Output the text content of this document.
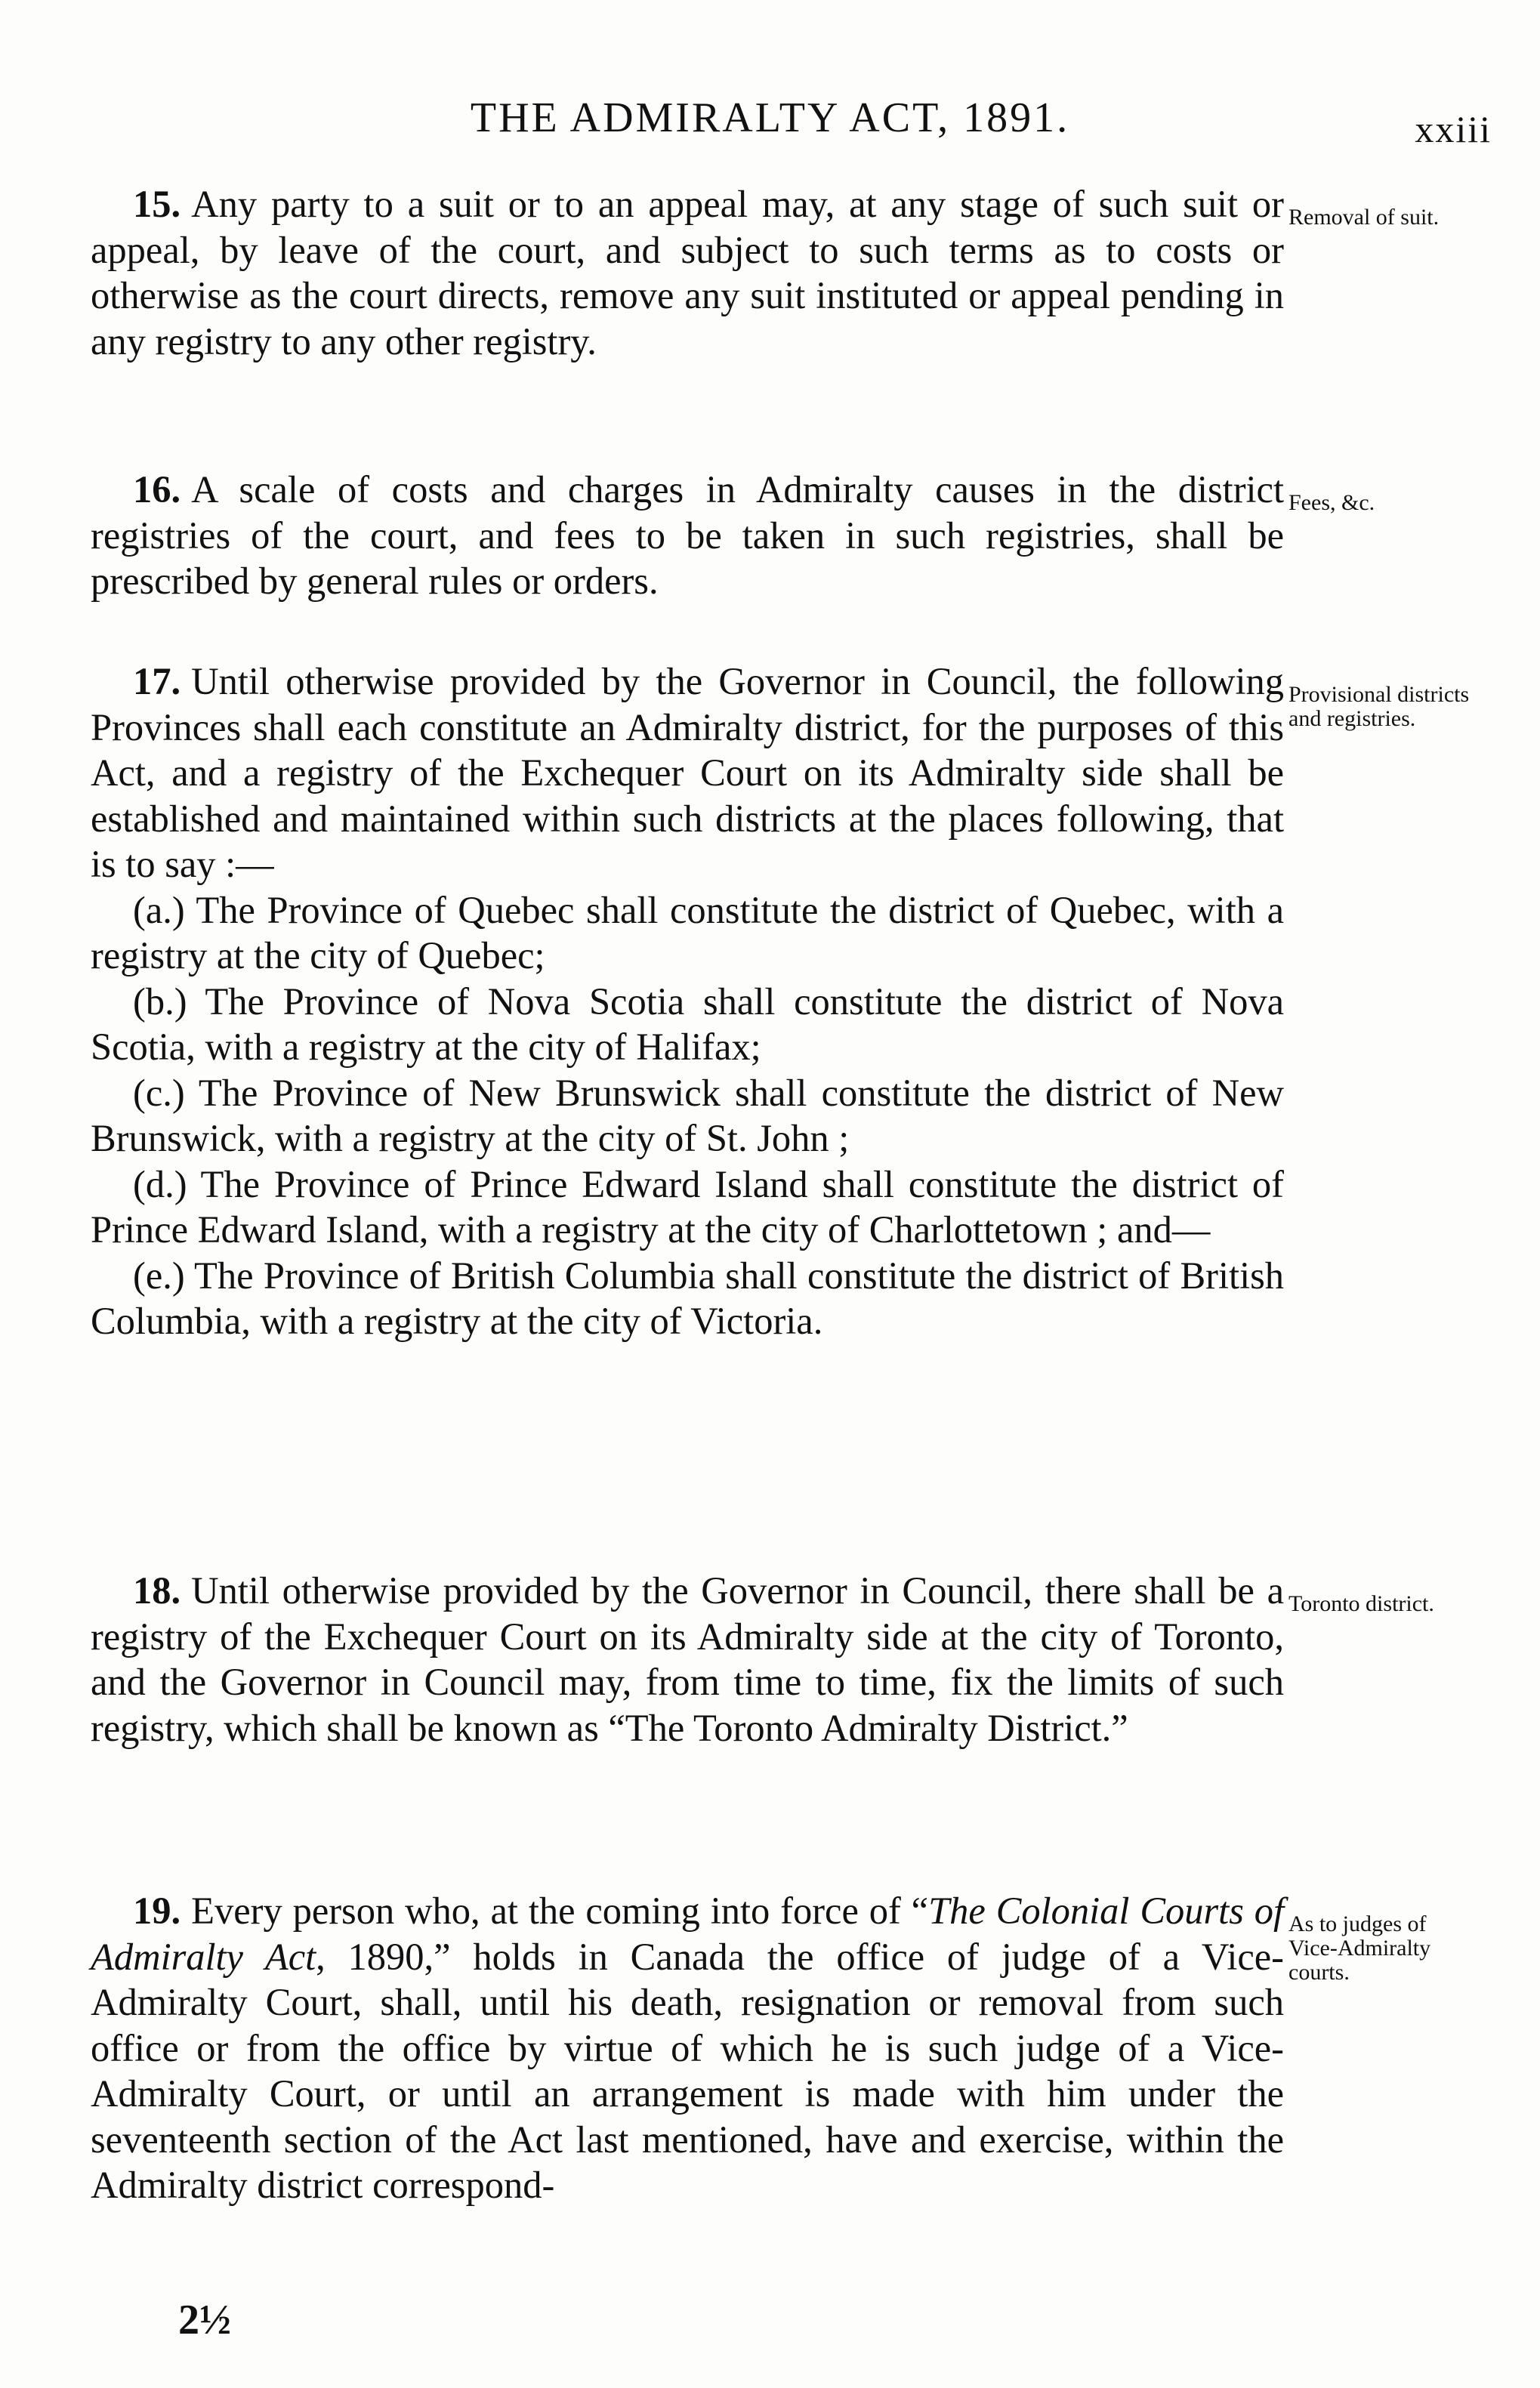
THE ADMIRALTY ACT, 1891.	xxiii

15. Any party to a suit or to an appeal may, at any stage of such suit or appeal, by leave of the court, and subject to such terms as to costs or otherwise as the court directs, remove any suit instituted or appeal pending in any registry to any other registry.

Removal of suit.

16. A scale of costs and charges in Admiralty causes in the district registries of the court, and fees to be taken in such registries, shall be prescribed by general rules or orders.

Fees, &c.

17. Until otherwise provided by the Governor in Council, the following Provinces shall each constitute an Admiralty district, for the purposes of this Act, and a registry of the Exchequer Court on its Admiralty side shall be established and maintained within such districts at the places following, that is to say :—

(a.) The Province of Quebec shall constitute the district of Quebec, with a registry at the city of Quebec;

(b.) The Province of Nova Scotia shall constitute the district of Nova Scotia, with a registry at the city of Halifax;

(c.) The Province of New Brunswick shall constitute the district of New Brunswick, with a registry at the city of St. John ;

(d.) The Province of Prince Edward Island shall constitute the district of Prince Edward Island, with a registry at the city of Charlottetown ; and—

(e.) The Province of British Columbia shall constitute the district of British Columbia, with a registry at the city of Victoria.

Provisional districts and registries.

18. Until otherwise provided by the Governor in Council, there shall be a registry of the Exchequer Court on its Admiralty side at the city of Toronto, and the Governor in Council may, from time to time, fix the limits of such registry, which shall be known as “The Toronto Admiralty District.”

Toronto district.

19. Every person who, at the coming into force of “The Colonial Courts of Admiralty Act, 1890,” holds in Canada the office of judge of a Vice-Admiralty Court, shall, until his death, resignation or removal from such office or from the office by virtue of which he is such judge of a Vice-Admiralty Court, or until an arrangement is made with him under the seventeenth section of the Act last mentioned, have and exercise, within the Admiralty district correspond-

As to judges of Vice-Admiralty courts.
2½
